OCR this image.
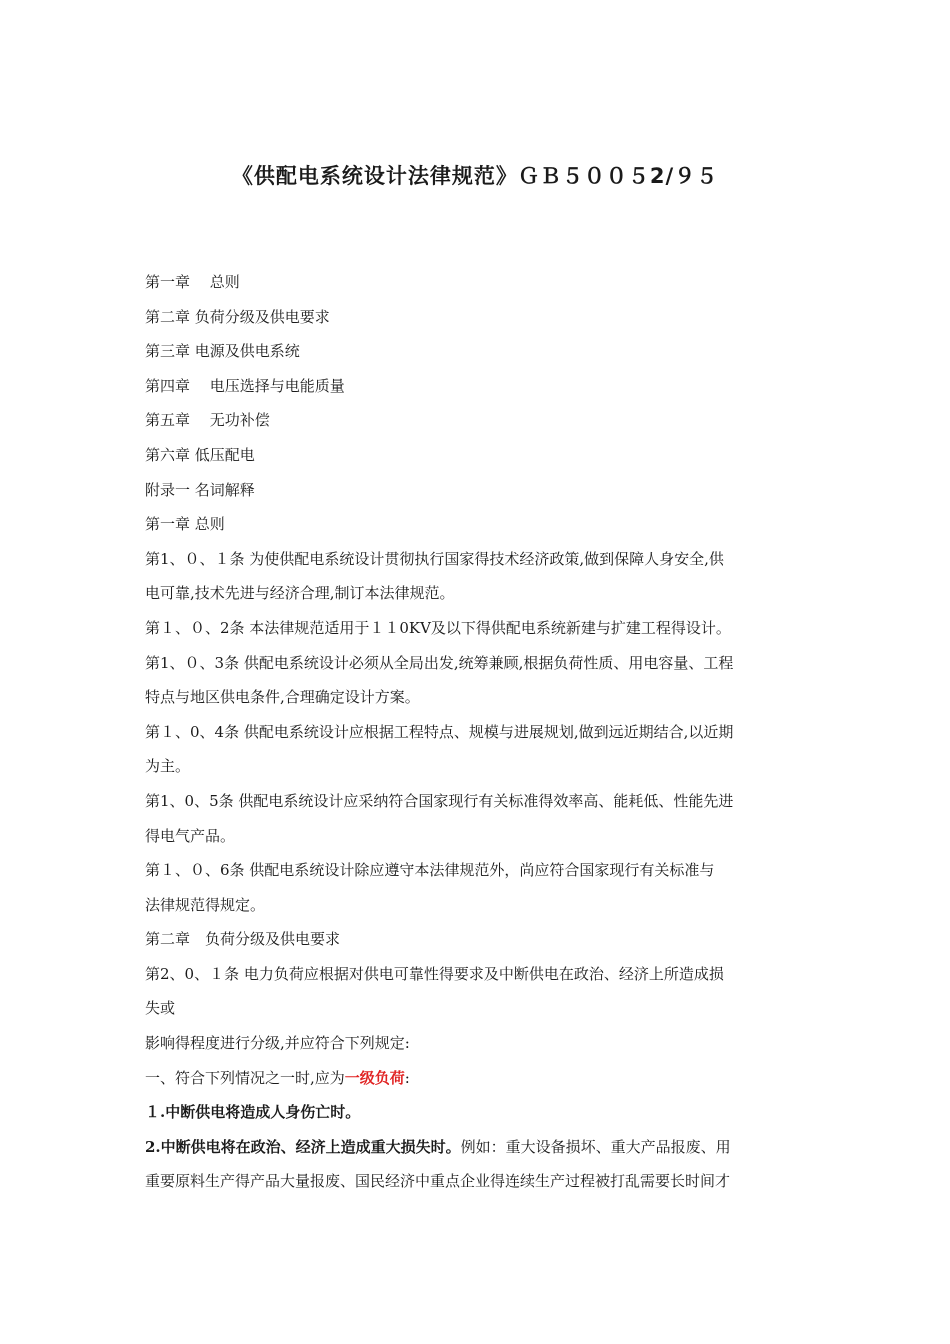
《供配电系统设计法律规范》ＧＢ５００５2/９５
第一章　 总则
第二章 负荷分级及供电要求
第三章 电源及供电系统
第四章　 电压选择与电能质量
第五章　 无功补偿
第六章 低压配电
附录一 名词解释
第一章 总则
第1、０、１条 为使供配电系统设计贯彻执行国家得技术经济政策,做到保障人身安全,供
电可靠,技术先进与经济合理,制订本法律规范。
第１、０、2条 本法律规范适用于１１0KV及以下得供配电系统新建与扩建工程得设计。
第1、０、3条 供配电系统设计必须从全局出发,统筹兼顾,根据负荷性质、用电容量、工程
特点与地区供电条件,合理确定设计方案。
第１、0、4条 供配电系统设计应根据工程特点、规模与进展规划,做到远近期结合,以近期
为主。
第1、0、5条 供配电系统设计应采纳符合国家现行有关标准得效率高、能耗低、性能先进
得电气产品。
第１、０、6条 供配电系统设计除应遵守本法律规范外，尚应符合国家现行有关标准与
法律规范得规定。
第二章　负荷分级及供电要求
第2、0、１条 电力负荷应根据对供电可靠性得要求及中断供电在政治、经济上所造成损
失或
影响得程度进行分级,并应符合下列规定:
一、符合下列情况之一时,应为一级负荷:
１.中断供电将造成人身伤亡时。
2.中断供电将在政治、经济上造成重大损失时。例如：重大设备损坏、重大产品报废、用
重要原料生产得产品大量报废、国民经济中重点企业得连续生产过程被打乱需要长时间才
